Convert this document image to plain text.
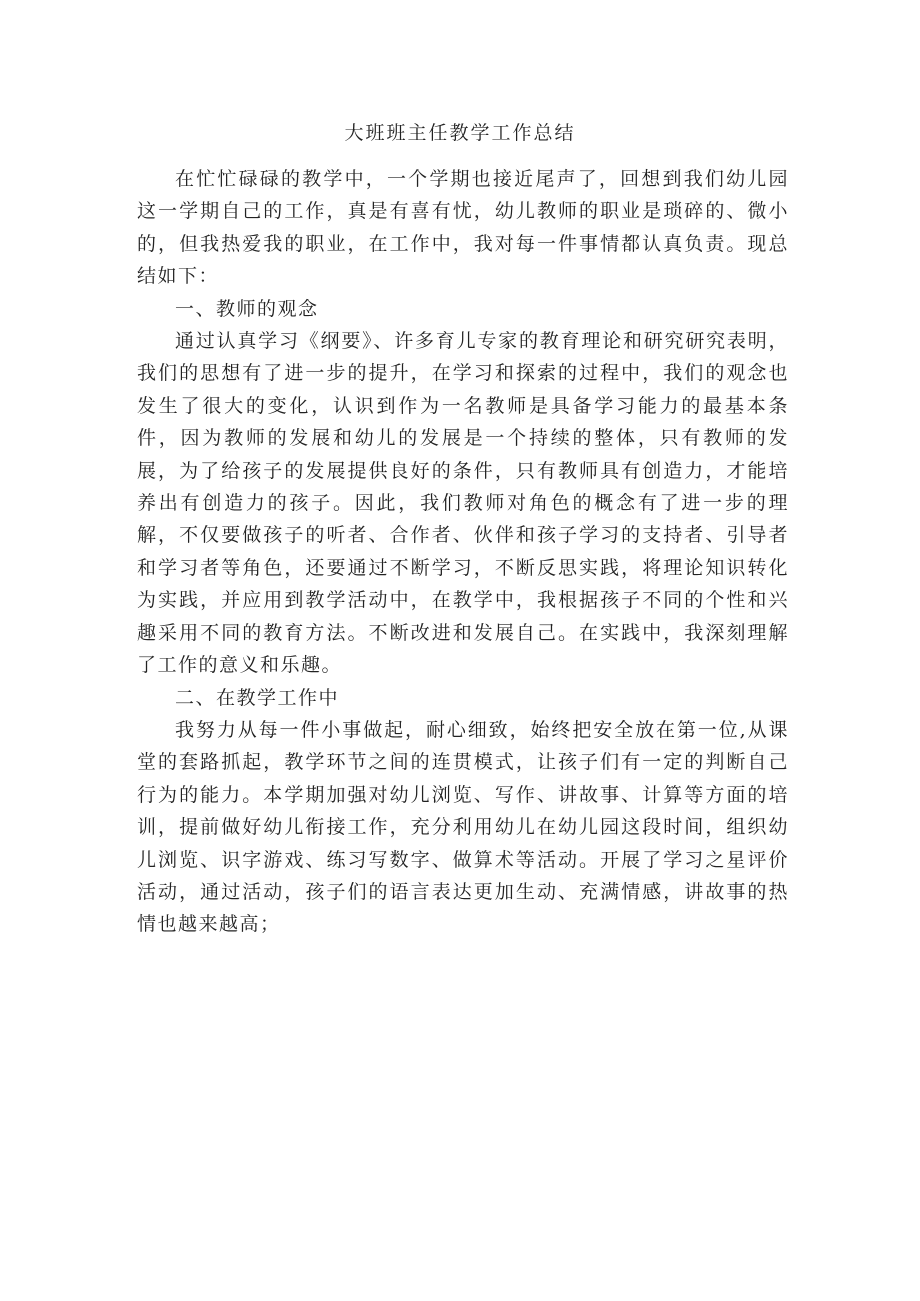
大班班主任教学工作总结

在忙忙碌碌的教学中，一个学期也接近尾声了，回想到我们幼儿园这一学期自己的工作，真是有喜有忧，幼儿教师的职业是琐碎的、微小的，但我热爱我的职业，在工作中，我对每一件事情都认真负责。现总结如下：

一、教师的观念

通过认真学习《纲要》、许多育儿专家的教育理论和研究研究表明，我们的思想有了进一步的提升，在学习和探索的过程中，我们的观念也发生了很大的变化，认识到作为一名教师是具备学习能力的最基本条件，因为教师的发展和幼儿的发展是一个持续的整体，只有教师的发展，为了给孩子的发展提供良好的条件，只有教师具有创造力，才能培养出有创造力的孩子。因此，我们教师对角色的概念有了进一步的理解，不仅要做孩子的听者、合作者、伙伴和孩子学习的支持者、引导者和学习者等角色，还要通过不断学习，不断反思实践，将理论知识转化为实践，并应用到教学活动中，在教学中，我根据孩子不同的个性和兴趣采用不同的教育方法。不断改进和发展自己。在实践中，我深刻理解了工作的意义和乐趣。

二、在教学工作中

我努力从每一件小事做起，耐心细致，始终把安全放在第一位,从课堂的套路抓起，教学环节之间的连贯模式，让孩子们有一定的判断自己行为的能力。本学期加强对幼儿浏览、写作、讲故事、计算等方面的培训，提前做好幼儿衔接工作，充分利用幼儿在幼儿园这段时间，组织幼儿浏览、识字游戏、练习写数字、做算术等活动。开展了学习之星评价活动，通过活动，孩子们的语言表达更加生动、充满情感，讲故事的热情也越来越高；
